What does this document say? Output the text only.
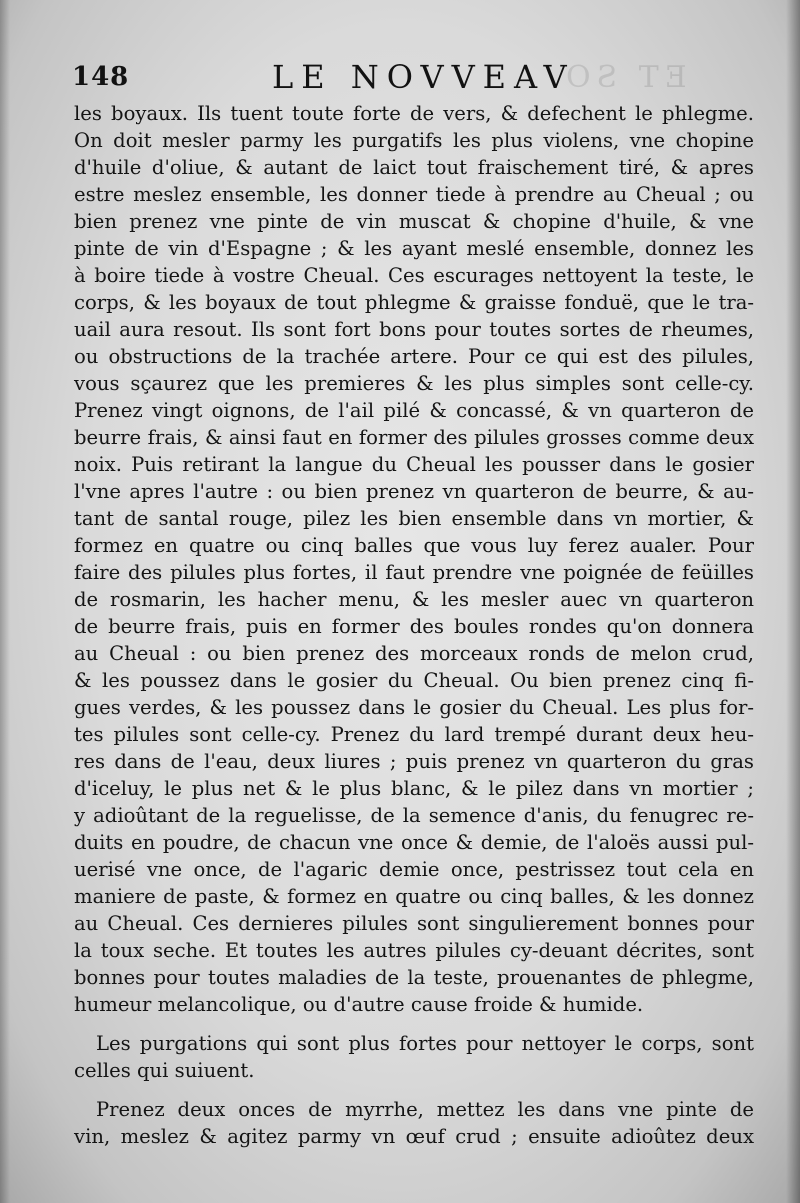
ET SO
148	LE NOVVEAV
les boyaux. Ils tuent toute forte de vers, & defechent le phlegme.
On doit mesler parmy les purgatifs les plus violens, vne chopine
d'huile d'oliue, & autant de laict tout fraischement tiré, & apres
estre meslez ensemble, les donner tiede à prendre au Cheual ; ou
bien prenez vne pinte de vin muscat & chopine d'huile, & vne
pinte de vin d'Espagne ; & les ayant meslé ensemble, donnez les
à boire tiede à vostre Cheual. Ces escurages nettoyent la teste, le
corps, & les boyaux de tout phlegme & graisse fonduë, que le tra-
uail aura resout. Ils sont fort bons pour toutes sortes de rheumes,
ou obstructions de la trachée artere. Pour ce qui est des pilules,
vous sçaurez que les premieres & les plus simples sont celle-cy.
Prenez vingt oignons, de l'ail pilé & concassé, & vn quarteron de
beurre frais, & ainsi faut en former des pilules grosses comme deux
noix. Puis retirant la langue du Cheual les pousser dans le gosier
l'vne apres l'autre : ou bien prenez vn quarteron de beurre, & au-
tant de santal rouge, pilez les bien ensemble dans vn mortier, &
formez en quatre ou cinq balles que vous luy ferez aualer. Pour
faire des pilules plus fortes, il faut prendre vne poignée de feüilles
de rosmarin, les hacher menu, & les mesler auec vn quarteron
de beurre frais, puis en former des boules rondes qu'on donnera
au Cheual : ou bien prenez des morceaux ronds de melon crud,
& les poussez dans le gosier du Cheual. Ou bien prenez cinq fi-
gues verdes, & les poussez dans le gosier du Cheual. Les plus for-
tes pilules sont celle-cy. Prenez du lard trempé durant deux heu-
res dans de l'eau, deux liures ; puis prenez vn quarteron du gras
d'iceluy, le plus net & le plus blanc, & le pilez dans vn mortier ;
y adioûtant de la reguelisse, de la semence d'anis, du fenugrec re-
duits en poudre, de chacun vne once & demie, de l'aloës aussi pul-
uerisé vne once, de l'agaric demie once, pestrissez tout cela en
maniere de paste, & formez en quatre ou cinq balles, & les donnez
au Cheual. Ces dernieres pilules sont singulierement bonnes pour
la toux seche. Et toutes les autres pilules cy-deuant décrites, sont
bonnes pour toutes maladies de la teste, prouenantes de phlegme,
humeur melancolique, ou d'autre cause froide & humide.
Les purgations qui sont plus fortes pour nettoyer le corps, sont
celles qui suiuent.
Prenez deux onces de myrrhe, mettez les dans vne pinte de
vin, meslez & agitez parmy vn œuf crud ; ensuite adioûtez deux
